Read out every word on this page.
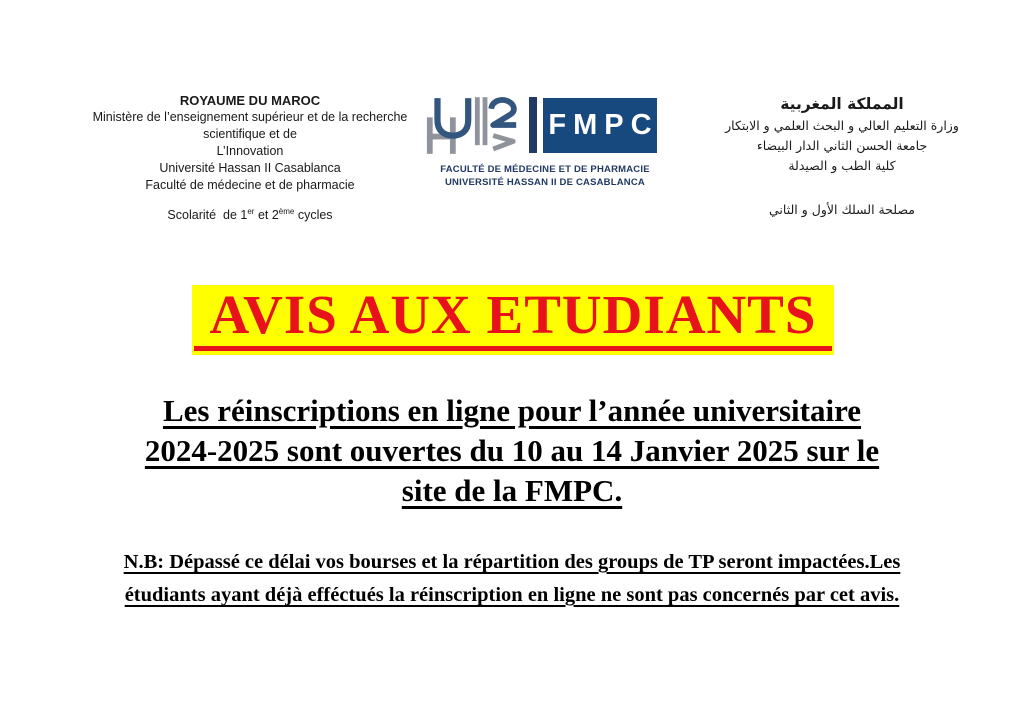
ROYAUME DU MAROC
Ministère de l’enseignement supérieur et de la recherche
scientifique et de
L’Innovation
Université Hassan II Casablanca
Faculté de médecine et de pharmacie
Scolarité  de 1er et 2ème cycles
FMPC
FACULTÉ DE MÉDECINE ET DE PHARMACIE
UNIVERSITÉ HASSAN II DE CASABLANCA
المملكة المغربية
وزارة التعليم العالي و البحث العلمي و الابتكار
جامعة الحسن الثاني الدار البيضاء
كلية الطب و الصيدلة
مصلحة السلك الأول و الثاني
AVIS AUX ETUDIANTS
Les réinscriptions en ligne pour l’année universitaire
2024-2025 sont ouvertes du 10 au 14 Janvier 2025 sur le
site de la FMPC.
N.B: Dépassé ce délai vos bourses et la répartition des groups de TP seront impactées.Les
étudiants ayant déjà efféctués la réinscription en ligne ne sont pas concernés par cet avis.
